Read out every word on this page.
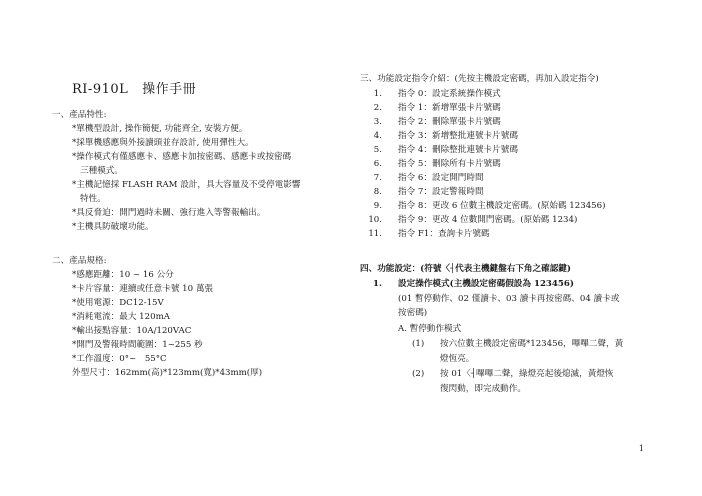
RI-910L 操作手冊
一、產品特性:
*單機型設計, 操作簡便, 功能齊全, 安裝方便。
*採單機感應與外接讀頭並存設計, 使用彈性大。
*操作模式有僅感應卡、感應卡加按密碼、感應卡或按密碼
三種模式。
*主機記憶採 FLASH RAM 設計，具大容量及不受停電影響
特性。
*具反脅迫：開門過時未關、強行進入等警報輸出。
*主機具防破壞功能。
二、產品規格:
*感應距離：10 ~ 16 公分
*卡片容量：連續或任意卡號 10 萬張
*使用電源：DC12-15V
*消耗電流：最大 120mA
*輸出接點容量：10A/120VAC
*開門及警報時間範圍：1~255 秒
*工作溫度：0°~　55°C
外型尺寸：162mm(高)*123mm(寬)*43mm(厚)
三、功能設定指令介紹：(先按主機設定密碼，再加入設定指令)
1. 指令 0：設定系統操作模式
2. 指令 1：新增單張卡片號碼
3. 指令 2：刪除單張卡片號碼
4. 指令 3：新增整批連號卡片號碼
5. 指令 4：刪除整批連號卡片號碼
6. 指令 5：刪除所有卡片號碼
7. 指令 6：設定開門時間
8. 指令 7：設定警報時間
9. 指令 8：更改 6 位數主機設定密碼。(原始碼 123456)
10. 指令 9：更改 4 位數開門密碼。(原始碼 1234)
11. 指令 F1：查詢卡片號碼
四、功能設定：(符號〈┤代表主機鍵盤右下角之確認鍵)
1. 設定操作模式(主機設定密碼假設為 123456)
(01 暫停動作、02 僅讀卡、03 讀卡再按密碼、04 讀卡或
按密碼)
A. 暫停動作模式
(1) 按六位數主機設定密碼*123456，嗶嗶二聲，黃
燈恆亮。
(2) 按 01〈┤嗶嗶二聲，綠燈亮起後熄滅，黃燈恢
復閃動，即完成動作。
1
